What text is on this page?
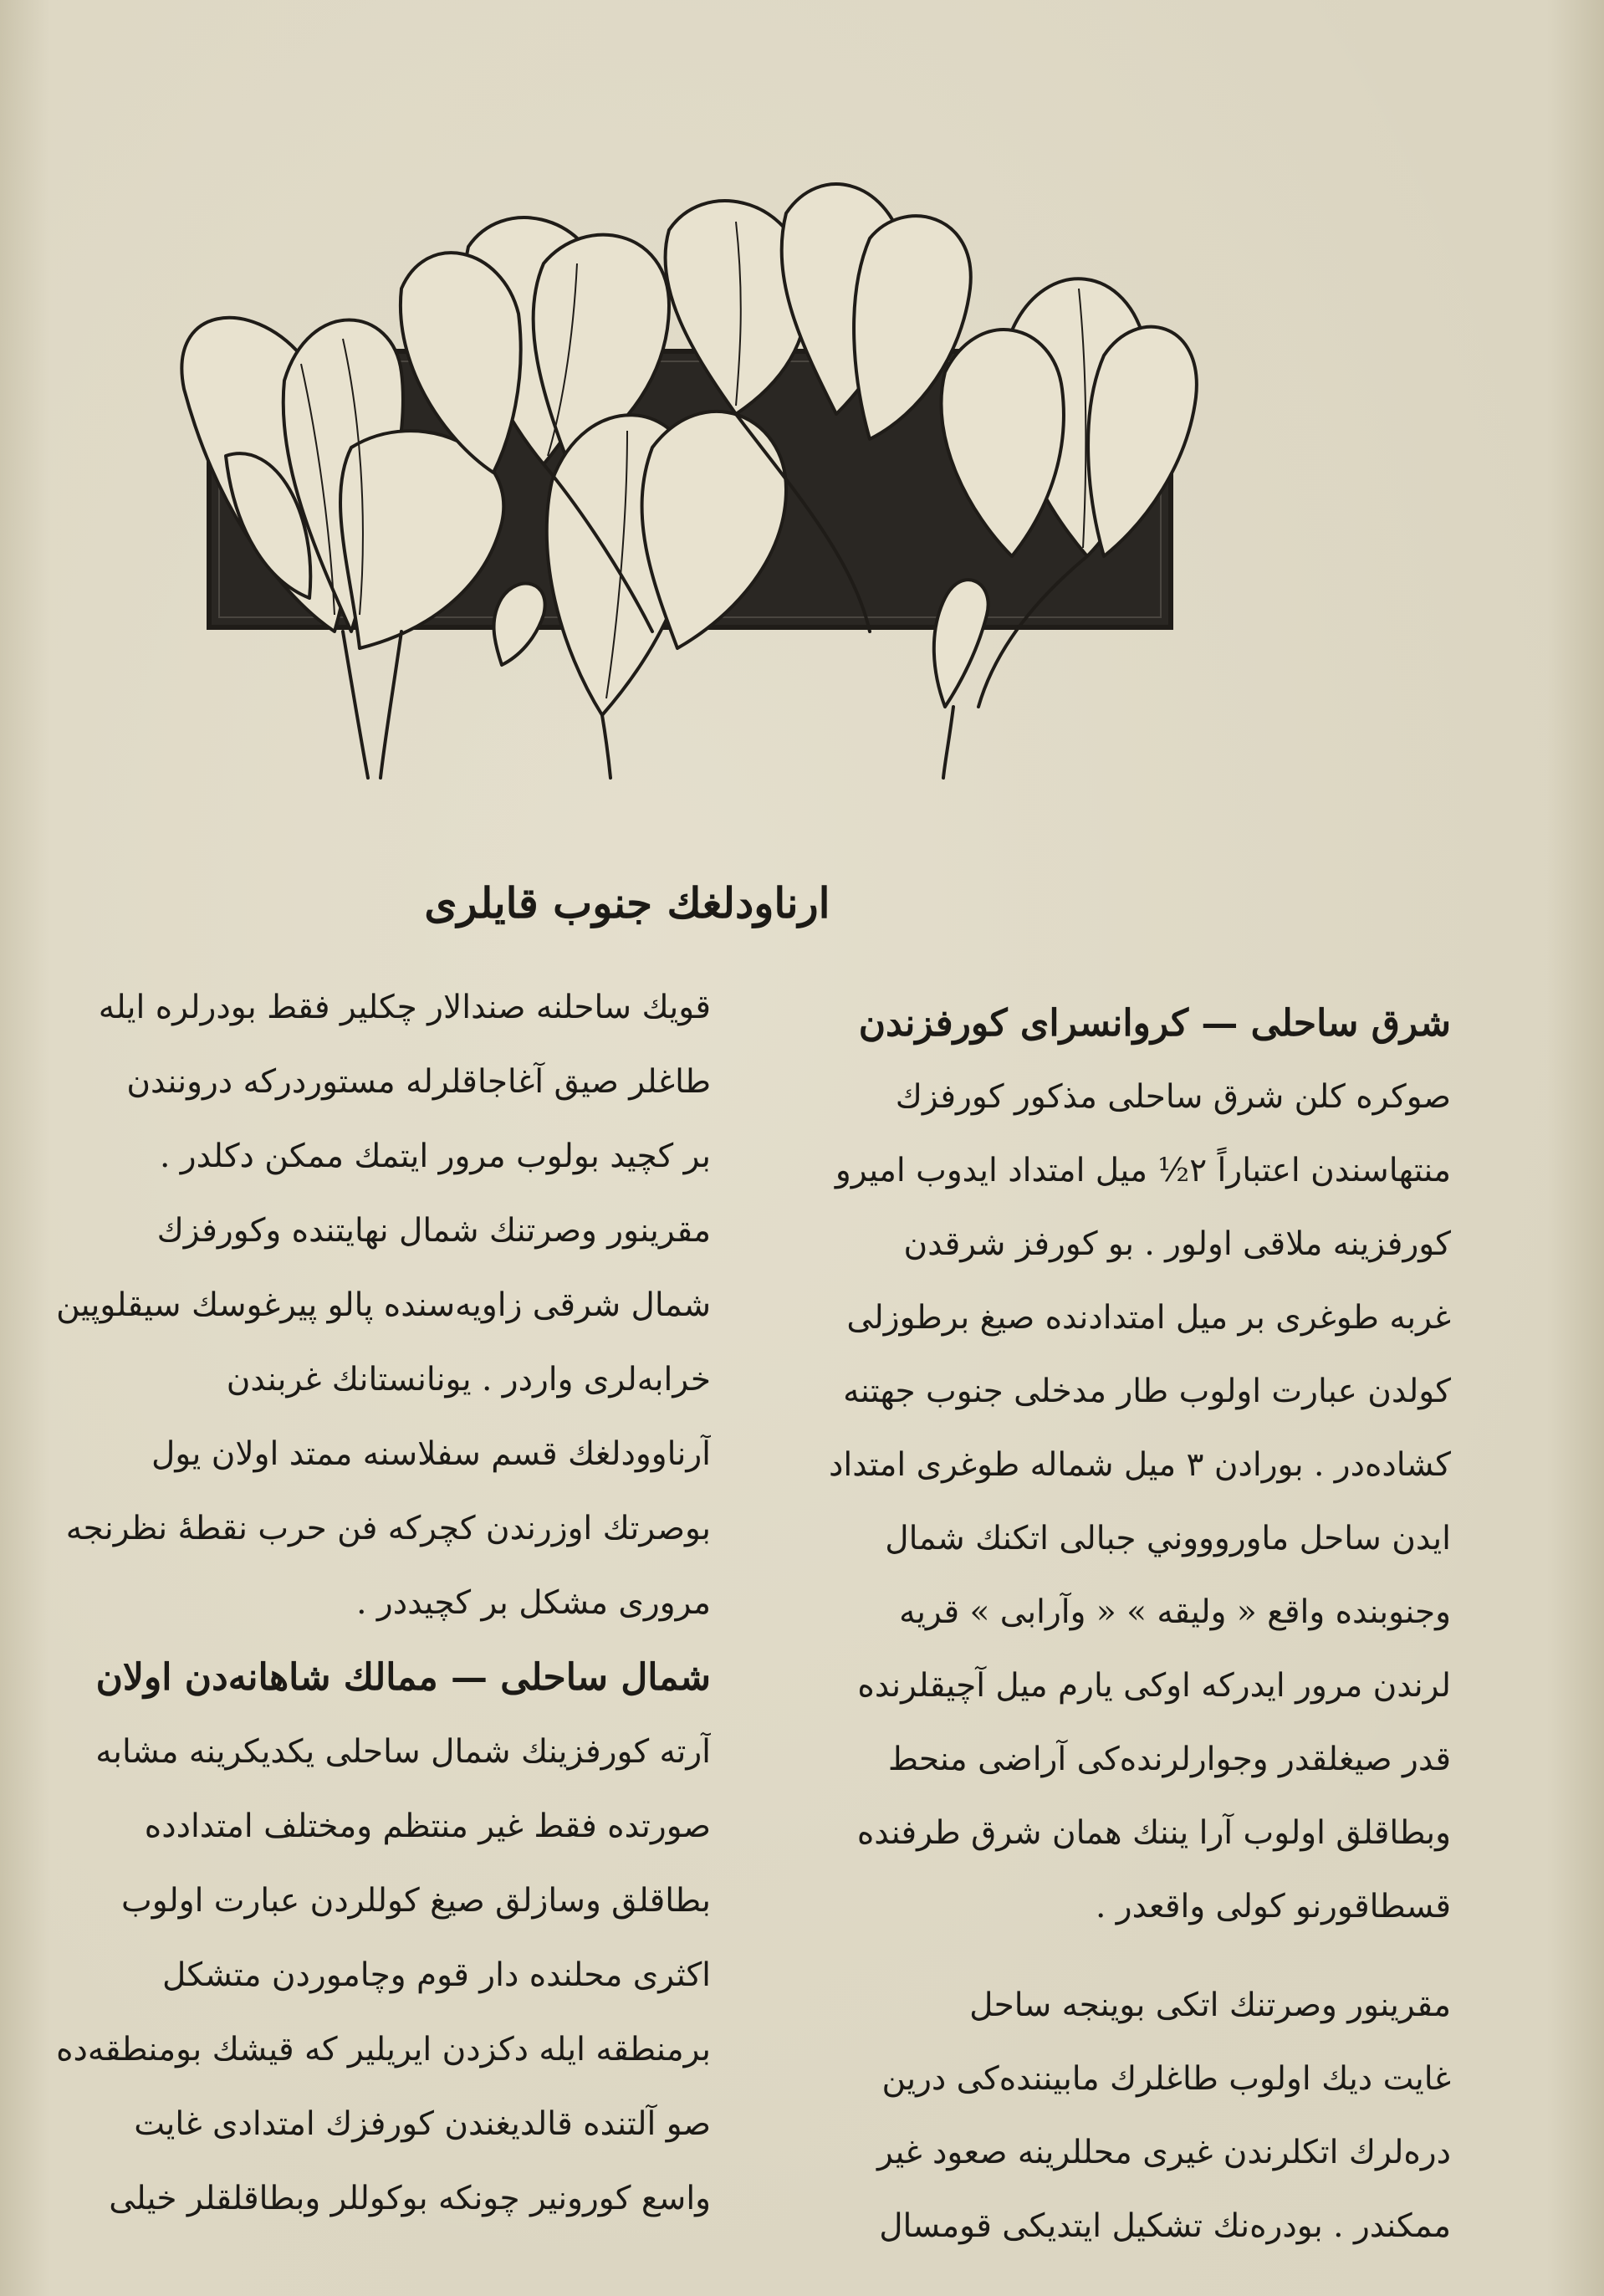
ارناودلغك جنوب قايلرى
شرق ساحلى — كروانسراى كورفزندن
صوكره كلن شرق ساحلى مذكور كورفزك
منتهاسندن اعتباراً ٢½ ميل امتداد ايدوب اميرو
كورفزينه ملاقى اولور . بو كورفز شرقدن
غربه طوغرى بر ميل امتدادنده صيغ برطوزلى
كولدن عبارت اولوب طار مدخلى جنوب جهتنه
كشاده‌در . بورادن ٣ ميل شماله طوغرى امتداد
ايدن ساحل ماوروووني جبالى اتكنك شمال
وجنوبنده واقع « وليقه » « وآرابى » قريه‌
لرندن مرور ايدركه اوكى يارم ميل آچيقلرنده
قدر صيغلقدر وجوارلرنده‌كى آراضى منحط
وبطاقلق اولوب آرا يننك همان شرق طرفنده
قسطاقورنو كولى واقعدر .
مقرينور وصرتنك اتكى بوينجه ساحل
غايت ديك اولوب طاغلرك مابيننده‌كى درين
دره‌لرك اتكلرندن غيرى محللرينه صعود غير
ممكندر . بودره‌نك تشكيل ايتديكى قومسال
قويك ساحلنه صندالار چكلير فقط بودرلره ايله
طاغلر صيق آغاجاقلرله مستوردركه درونندن
بر كچيد بولوب مرور ايتمك ممكن دكلدر .
مقرينور وصرتنك شمال نهايتنده وكورفزك
شمال شرقى زاويه‌سنده پالو پيرغوسك سيقلوپين
خرابه‌لرى واردر . يونانستانك غربندن
آرناوودلغك قسم سفلاسنه ممتد اولان يول
بوصرتك اوزرندن كچركه فن حرب نقطهٔ نظرنجه
مرورى مشكل بر كچيددر .
شمال ساحلى — ممالك شاهانه‌دن اولان
آرته كورفزينك شمال ساحلى يكديكرينه مشابه
صورتده فقط غير منتظم ومختلف امتدادده
بطاقلق وسازلق صيغ كوللردن عبارت اولوب
اكثرى محلنده دار قوم وچامور‌دن متشكل
برمنطقه ايله دكزدن ايريلير كه قيشك بومنطقه‌ده
صو آلتنده قالديغندن كورفزك امتدادى غايت
واسع كورونير چونكه بوكوللر وبطاقلقلر خيلى
